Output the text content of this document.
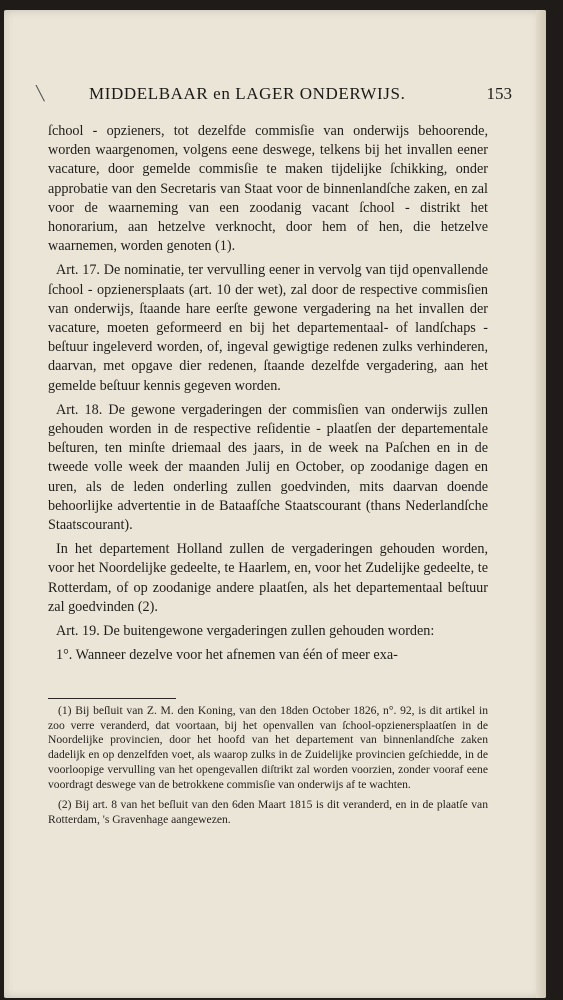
╲	MIDDELBAAR en LAGER ONDERWIJS.	153

ſchool - opzieners, tot dezelfde commisſie van onderwijs behoorende, worden waargenomen, volgens eene deswege, telkens bij het invallen eener vacature, door gemelde commisſie te maken tijdelijke ſchikking, onder approbatie van den Secretaris van Staat voor de binnenlandſche zaken, en zal voor de waarneming van een zoodanig vacant ſchool - distrikt het honorarium, aan hetzelve verknocht, door hem of hen, die hetzelve waarnemen, worden genoten (1).

Art. 17. De nominatie, ter vervulling eener in vervolg van tijd openvallende ſchool - opzienersplaats (art. 10 der wet), zal door de respective commisſien van onderwijs, ſtaande hare eerſte gewone vergadering na het invallen der vacature, moeten geformeerd en bij het departementaal- of landſchaps - beſtuur ingeleverd worden, of, ingeval gewigtige redenen zulks verhinderen, daarvan, met opgave dier redenen, ſtaande dezelfde vergadering, aan het gemelde beſtuur kennis gegeven worden.

Art. 18. De gewone vergaderingen der commisſien van onderwijs zullen gehouden worden in de respective reſidentie - plaatſen der departementale beſturen, ten minſte driemaal des jaars, in de week na Paſchen en in de tweede volle week der maanden Julij en October, op zoodanige dagen en uren, als de leden onderling zullen goedvinden, mits daarvan doende behoorlijke advertentie in de Bataafſche Staatscourant (thans Nederlandſche Staatscourant).

In het departement Holland zullen de vergaderingen gehouden worden, voor het Noordelijke gedeelte, te Haarlem, en, voor het Zudelijke gedeelte, te Rotterdam, of op zoodanige andere plaatſen, als het departementaal beſtuur zal goedvinden (2).

Art. 19. De buitengewone vergaderingen zullen gehouden worden:

1°. Wanneer dezelve voor het afnemen van één of meer exa-

(1) Bij beſluit van Z. M. den Koning, van den 18den October 1826, n°. 92, is dit artikel in zoo verre veranderd, dat voortaan, bij het openvallen van ſchool-opzienersplaatſen in de Noordelijke provincien, door het hoofd van het departement van binnenlandſche zaken dadelijk en op denzelfden voet, als waarop zulks in de Zuidelijke provincien geſchiedde, in de voorloopige vervulling van het opengevallen diſtrikt zal worden voorzien, zonder vooraf eene voordragt deswege van de betrokkene commisſie van onderwijs af te wachten.

(2) Bij art. 8 van het beſluit van den 6den Maart 1815 is dit veranderd, en in de plaatſe van Rotterdam, 's Gravenhage aangewezen.
